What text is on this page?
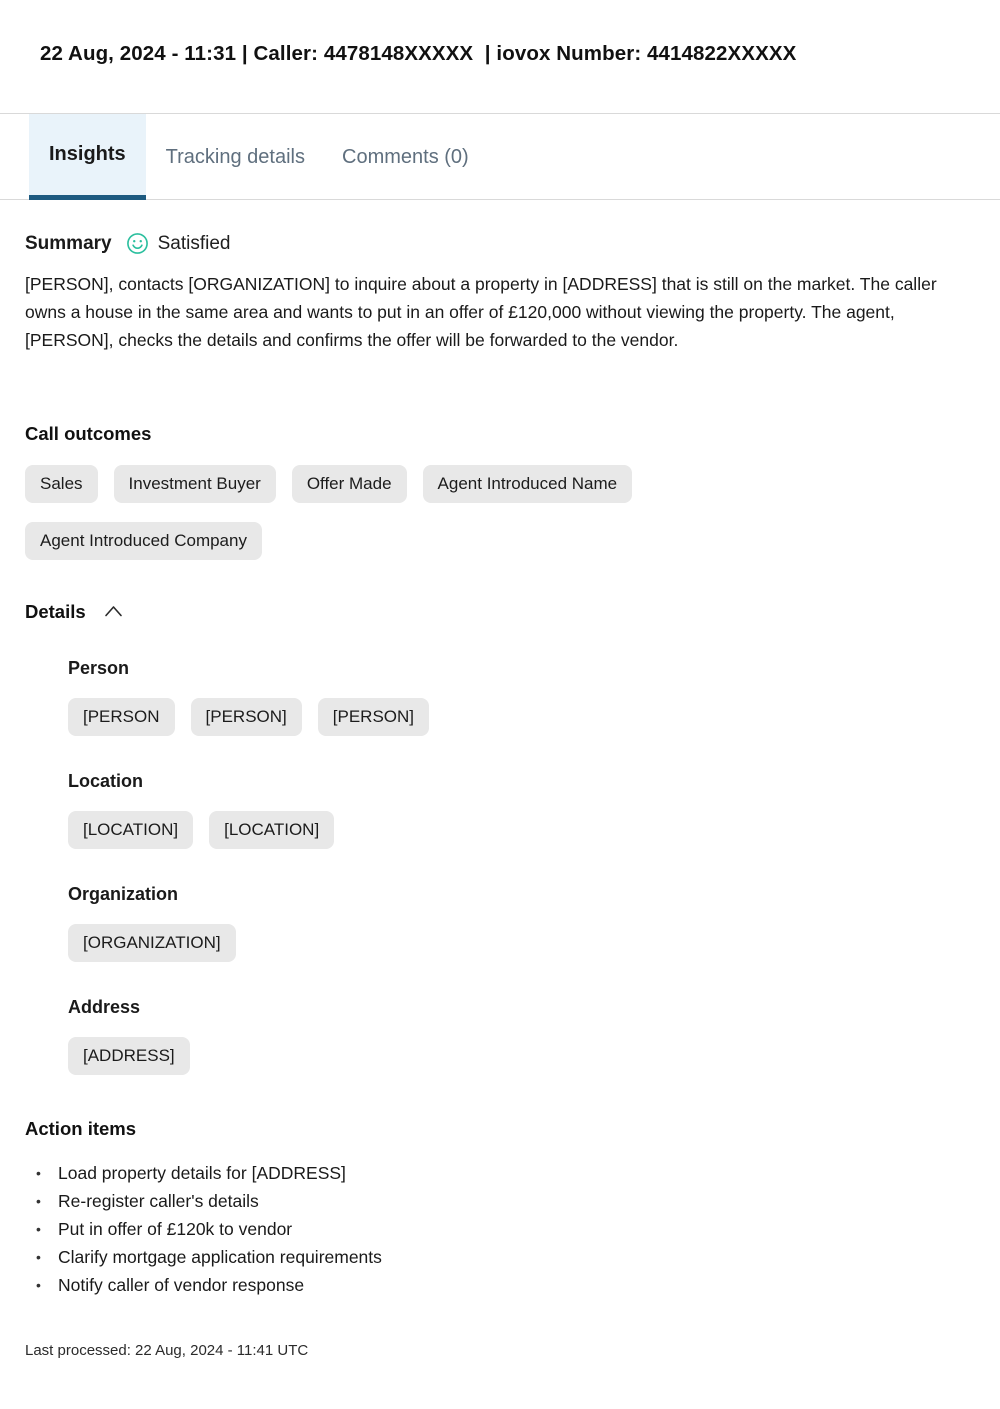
22 Aug, 2024 - 11:31 | Caller: 4478148XXXXX  | iovox Number: 4414822XXXXX
Insights Tracking details Comments (0)
Summary Satisfied

[PERSON], contacts [ORGANIZATION] to inquire about a property in [ADDRESS] that is still on the market. The caller owns a house in the same area and wants to put in an offer of £120,000 without viewing the property. The agent, [PERSON], checks the details and confirms the offer will be forwarded to the vendor.

Call outcomes
Sales	Investment Buyer	Offer Made	Agent Introduced Name
Agent Introduced Company
Details
Person
[PERSON	[PERSON]	[PERSON]
Location
[LOCATION]	[LOCATION]
Organization
[ORGANIZATION]
Address
[ADDRESS]
Action items
• Load property details for [ADDRESS]
• Re-register caller's details
• Put in offer of £120k to vendor
• Clarify mortgage application requirements
• Notify caller of vendor response
Last processed: 22 Aug, 2024 - 11:41 UTC
